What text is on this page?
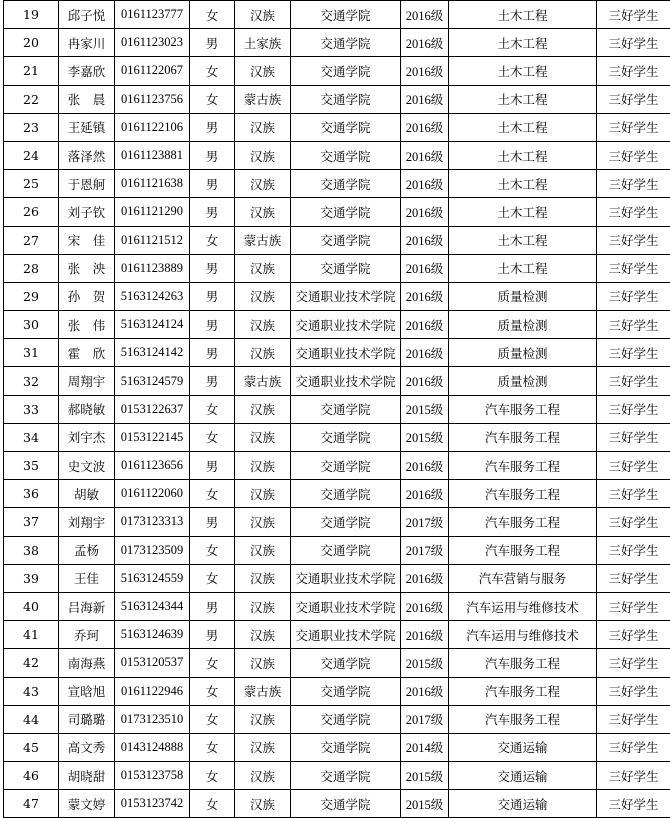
19	邱子悦	0161123777	女	汉族	交通学院	2016级	土木工程	三好学生
20	冉家川	0161123023	男	土家族	交通学院	2016级	土木工程	三好学生
21	李嘉欣	0161122067	女	汉族	交通学院	2016级	土木工程	三好学生
22	张　晨	0161123756	女	蒙古族	交通学院	2016级	土木工程	三好学生
23	王延镇	0161122106	男	汉族	交通学院	2016级	土木工程	三好学生
24	落泽然	0161123881	男	汉族	交通学院	2016级	土木工程	三好学生
25	于恩舸	0161121638	男	汉族	交通学院	2016级	土木工程	三好学生
26	刘子钦	0161121290	男	汉族	交通学院	2016级	土木工程	三好学生
27	宋　佳	0161121512	女	蒙古族	交通学院	2016级	土木工程	三好学生
28	张　泱	0161123889	男	汉族	交通学院	2016级	土木工程	三好学生
29	孙　贺	5163124263	男	汉族	交通职业技术学院	2016级	质量检测	三好学生
30	张　伟	5163124124	男	汉族	交通职业技术学院	2016级	质量检测	三好学生
31	霍　欣	5163124142	男	汉族	交通职业技术学院	2016级	质量检测	三好学生
32	周翔宇	5163124579	男	蒙古族	交通职业技术学院	2016级	质量检测	三好学生
33	郝晓敏	0153122637	女	汉族	交通学院	2015级	汽车服务工程	三好学生
34	刘宇杰	0153122145	女	汉族	交通学院	2015级	汽车服务工程	三好学生
35	史文波	0161123656	男	汉族	交通学院	2016级	汽车服务工程	三好学生
36	胡敏	0161122060	女	汉族	交通学院	2016级	汽车服务工程	三好学生
37	刘翔宇	0173123313	男	汉族	交通学院	2017级	汽车服务工程	三好学生
38	孟杨	0173123509	女	汉族	交通学院	2017级	汽车服务工程	三好学生
39	王佳	5163124559	女	汉族	交通职业技术学院	2016级	汽车营销与服务	三好学生
40	吕海新	5163124344	男	汉族	交通职业技术学院	2016级	汽车运用与维修技术	三好学生
41	乔珂	5163124639	男	汉族	交通职业技术学院	2016级	汽车运用与维修技术	三好学生
42	南海燕	0153120537	女	汉族	交通学院	2015级	汽车服务工程	三好学生
43	宣晗旭	0161122946	女	蒙古族	交通学院	2016级	汽车服务工程	三好学生
44	司璐璐	0173123510	女	汉族	交通学院	2017级	汽车服务工程	三好学生
45	高文秀	0143124888	女	汉族	交通学院	2014级	交通运输	三好学生
46	胡晓甜	0153123758	女	汉族	交通学院	2015级	交通运输	三好学生
47	蒙文婷	0153123742	女	汉族	交通学院	2015级	交通运输	三好学生
